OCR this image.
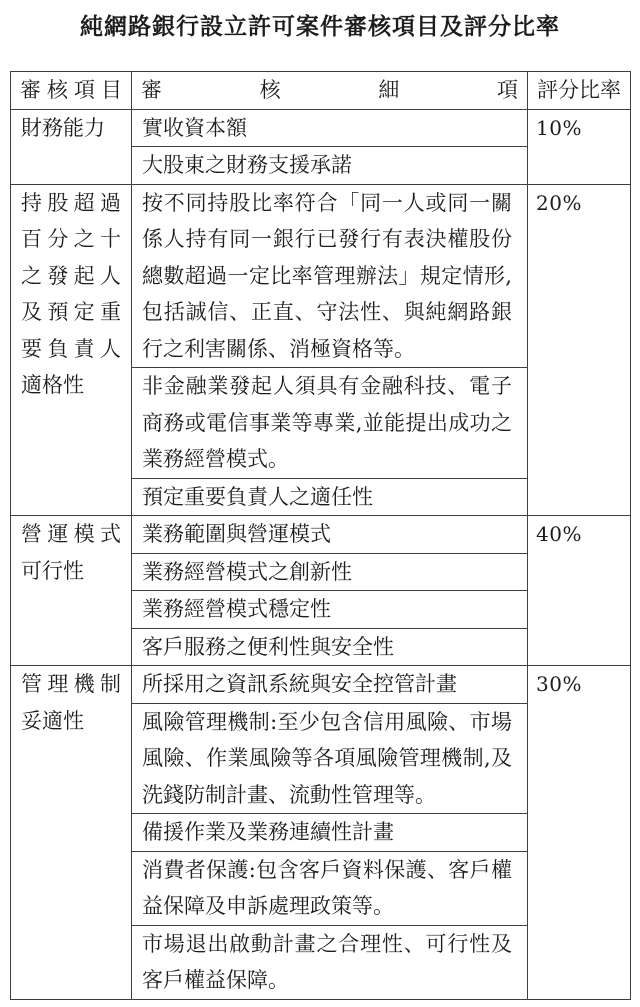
純網路銀行設立許可案件審核項目及評分比率
審核項目	審核細項	評分比率
財務能力	實收資本額	10%
	大股東之財務支援承諾	
持股超過百分之十之發起人及預定重要負責人適格性	按不同持股比率符合「同一人或同一關係人持有同一銀行已發行有表決權股份總數超過一定比率管理辦法」規定情形,包括誠信、正直、守法性、與純網路銀行之利害關係、消極資格等。	20%
	非金融業發起人須具有金融科技、電子商務或電信事業等專業,並能提出成功之業務經營模式。	
	預定重要負責人之適任性	
營運模式可行性	業務範圍與營運模式	40%
	業務經營模式之創新性	
	業務經營模式穩定性	
	客戶服務之便利性與安全性	
管理機制妥適性	所採用之資訊系統與安全控管計畫	30%
	風險管理機制:至少包含信用風險、市場風險、作業風險等各項風險管理機制,及洗錢防制計畫、流動性管理等。	
	備援作業及業務連續性計畫	
	消費者保護:包含客戶資料保護、客戶權益保障及申訴處理政策等。	
	市場退出啟動計畫之合理性、可行性及客戶權益保障。	
